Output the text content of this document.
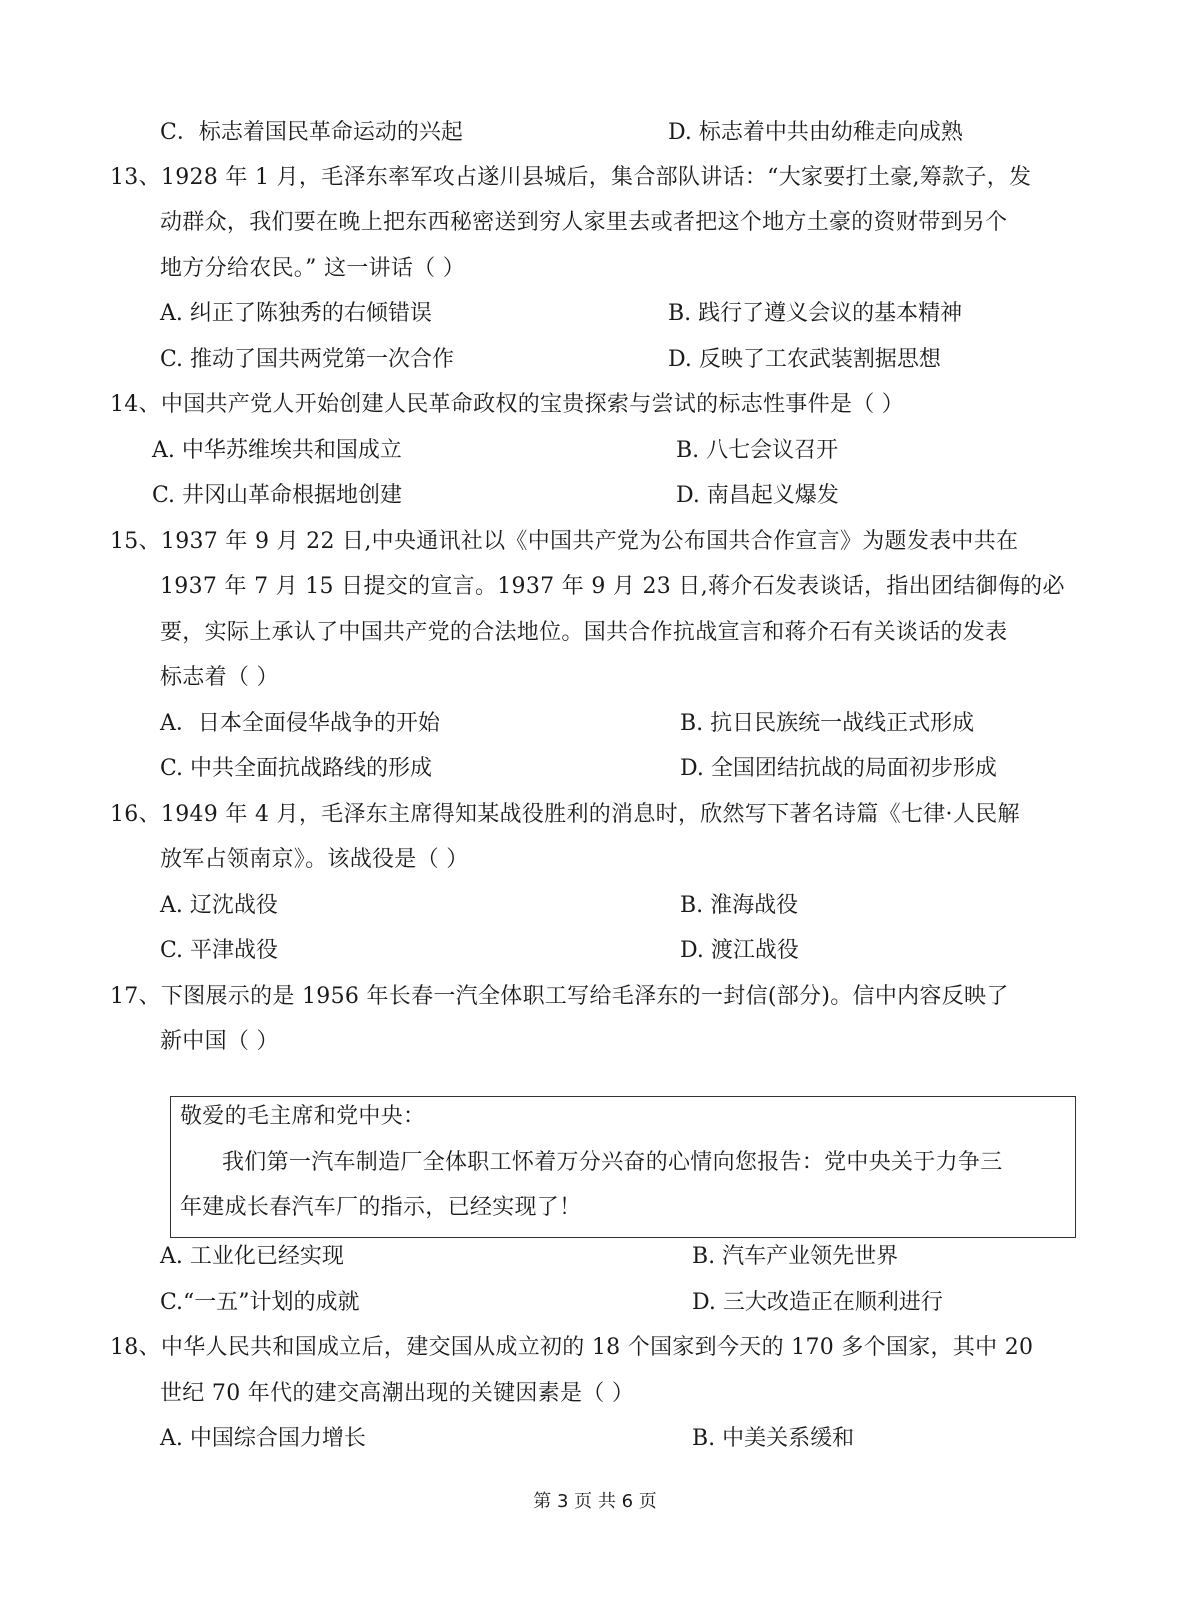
C．标志着国民革命运动的兴起	D. 标志着中共由幼稚走向成熟
13、1928 年 1 月，毛泽东率军攻占遂川县城后，集合部队讲话：“大家要打土豪,筹款子，发
动群众，我们要在晚上把东西秘密送到穷人家里去或者把这个地方土豪的资财带到另个
地方分给农民。” 这一讲话（ ）
A. 纠正了陈独秀的右倾错误	B. 践行了遵义会议的基本精神
C. 推动了国共两党第一次合作	D. 反映了工农武装割据思想
14、中国共产党人开始创建人民革命政权的宝贵探索与尝试的标志性事件是（ ）
A. 中华苏维埃共和国成立	B. 八七会议召开
C. 井冈山革命根据地创建	D. 南昌起义爆发
15、1937 年 9 月 22 日,中央通讯社以《中国共产党为公布国共合作宣言》为题发表中共在
1937 年 7 月 15 日提交的宣言。1937 年 9 月 23 日,蒋介石发表谈话，指出团结御侮的必
要，实际上承认了中国共产党的合法地位。国共合作抗战宣言和蒋介石有关谈话的发表
标志着（ ）
A．日本全面侵华战争的开始	B. 抗日民族统一战线正式形成
C. 中共全面抗战路线的形成	D. 全国团结抗战的局面初步形成
16、1949 年 4 月，毛泽东主席得知某战役胜利的消息时，欣然写下著名诗篇《七律·人民解
放军占领南京》。该战役是（ ）
A. 辽沈战役	B. 淮海战役
C. 平津战役	D. 渡江战役
17、下图展示的是 1956 年长春一汽全体职工写给毛泽东的一封信(部分)。信中内容反映了
新中国（ ）
敬爱的毛主席和党中央：
我们第一汽车制造厂全体职工怀着万分兴奋的心情向您报告：党中央关于力争三
年建成长春汽车厂的指示，已经实现了！
A. 工业化已经实现	B. 汽车产业领先世界
C.“一五”计划的成就	D. 三大改造正在顺利进行
18、中华人民共和国成立后，建交国从成立初的 18 个国家到今天的 170 多个国家，其中 20
世纪 70 年代的建交高潮出现的关键因素是（ ）
A. 中国综合国力增长	B. 中美关系缓和
第 3 页 共 6 页
